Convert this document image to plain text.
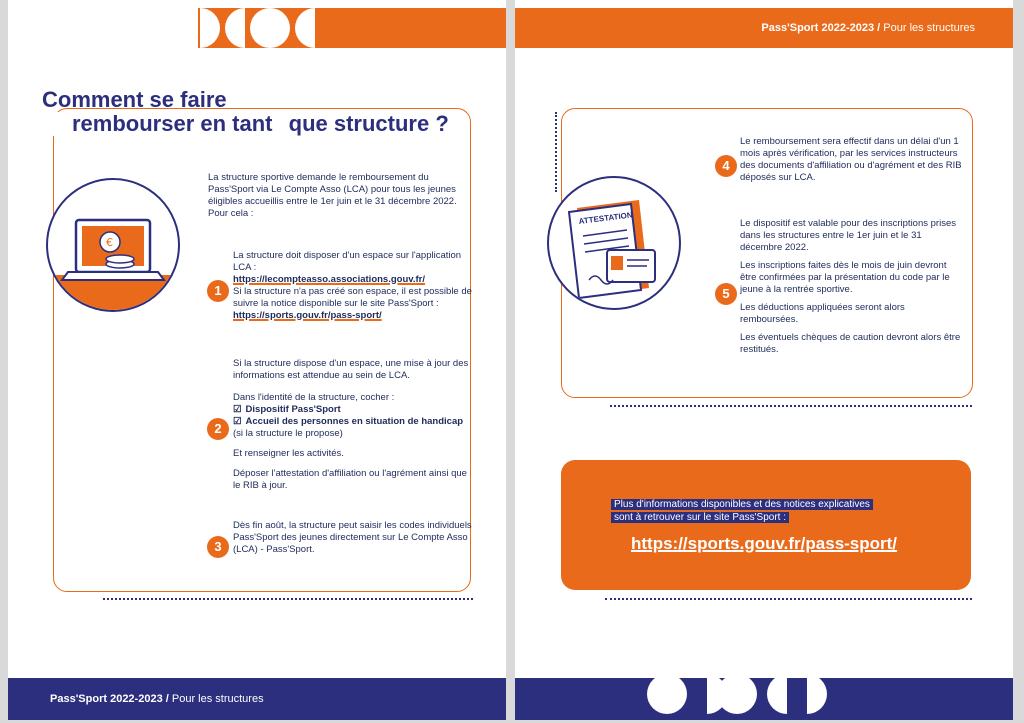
Comment se faire
rembourser en tant que structure ?
€
La structure sportive demande le remboursement du Pass'Sport via Le Compte Asso (LCA) pour tous les jeunes éligibles accueillis entre le 1er juin et le 31 décembre 2022. Pour cela :
1
La structure doit disposer d'un espace sur l'application LCA :
https://lecompteasso.associations.gouv.fr/
Si la structure n'a pas créé son espace, il est possible de suivre la notice disponible sur le site Pass'Sport :
https://sports.gouv.fr/pass-sport/
2
Si la structure dispose d'un espace, une mise à jour des informations est attendue au sein de LCA.
Dans l'identité de la structure, cocher :
☑ Dispositif Pass'Sport
☑ Accueil des personnes en situation de handicap (si la structure le propose)
Et renseigner les activités.
Déposer l'attestation d'affiliation ou l'agrément ainsi que le RIB à jour.
3
Dès fin août, la structure peut saisir les codes individuels Pass'Sport des jeunes directement sur Le Compte Asso (LCA) - Pass'Sport.
Pass'Sport 2022-2023 / Pour les structures
Pass'Sport 2022-2023 / Pour les structures
ATTESTATION
4
Le remboursement sera effectif dans un délai d'un 1 mois après vérification, par les services instructeurs des documents d'affiliation ou d'agrément et des RIB déposés sur LCA.
5

Le dispositif est valable pour des inscriptions prises dans les structures entre le 1er juin et le 31 décembre 2022.

Les inscriptions faites dès le mois de juin devront être confirmées par la présentation du code par le jeune à la rentrée sportive.

Les déductions appliquées seront alors remboursées.

Les éventuels chèques de caution devront alors être restitués.

Plus d'informations disponibles et des notices explicatives
sont à retrouver sur le site Pass'Sport :
https://sports.gouv.fr/pass-sport/
